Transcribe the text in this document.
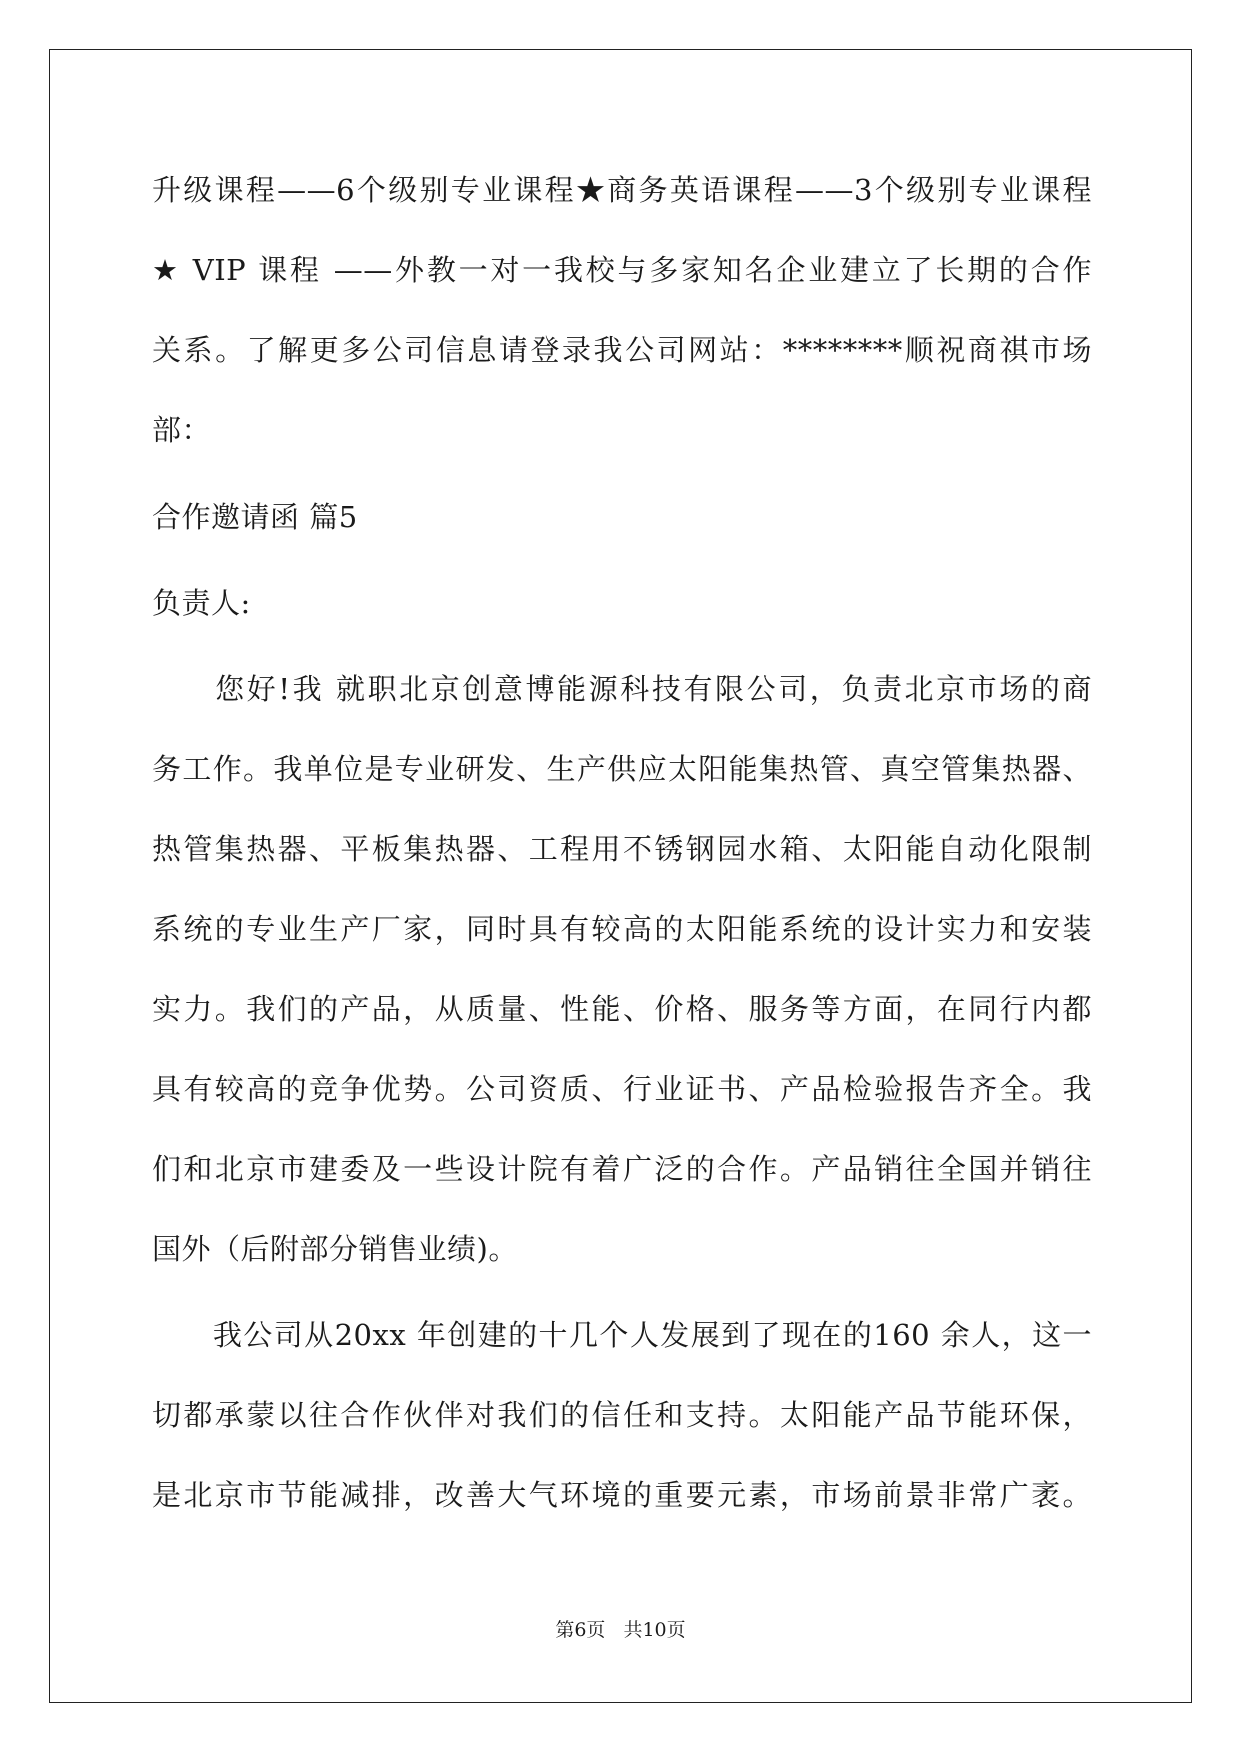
升级课程——6个级别专业课程★商务英语课程——3个级别专业课程
★ VIP 课程 ——外教一对一我校与多家知名企业建立了长期的合作
关系。了解更多公司信息请登录我公司网站：********顺祝商祺市场
部：
合作邀请函 篇5
负责人:
　　您好!我 就职北京创意博能源科技有限公司，负责北京市场的商
务工作。我单位是专业研发、生产供应太阳能集热管、真空管集热器、
热管集热器、平板集热器、工程用不锈钢园水箱、太阳能自动化限制
系统的专业生产厂家，同时具有较高的太阳能系统的设计实力和安装
实力。我们的产品，从质量、性能、价格、服务等方面，在同行内都
具有较高的竞争优势。公司资质、行业证书、产品检验报告齐全。我
们和北京市建委及一些设计院有着广泛的合作。产品销往全国并销往
国外（后附部分销售业绩)。
　　我公司从20xx 年创建的十几个人发展到了现在的160 余人，这一
切都承蒙以往合作伙伴对我们的信任和支持。太阳能产品节能环保，
是北京市节能减排，改善大气环境的重要元素，市场前景非常广袤。
第6页 共10页
